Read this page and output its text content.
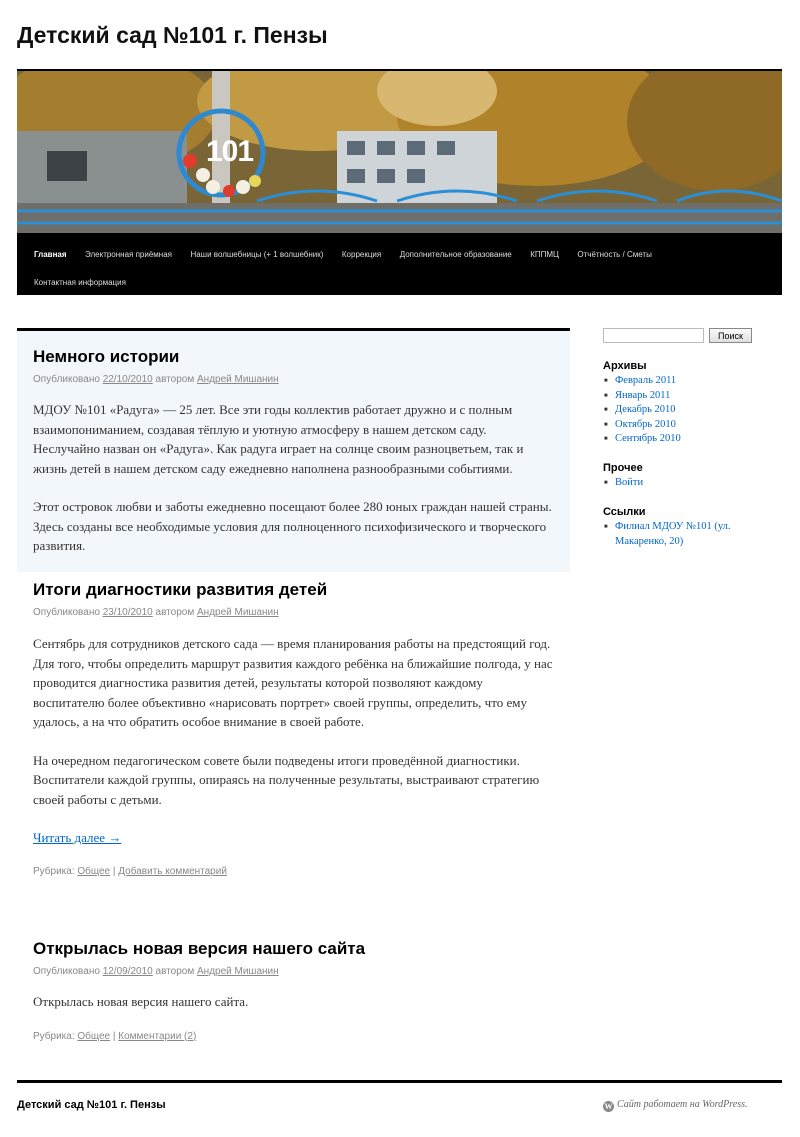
Детский сад №101 г. Пензы
101
Главная Электронная приёмная Наши волшебницы (+ 1 волшебник) Коррекция Дополнительное образование КППМЦ Отчётность / Сметы
Контактная информация
Немного истории
Опубликовано 22/10/2010 автором Андрей Мишанин

МДОУ №101 «Радуга» — 25 лет. Все эти годы коллектив работает дружно и с полным взаимопониманием, создавая тёплую и уютную атмосферу в нашем детском саду. Неслучайно назван он «Радуга». Как радуга играет на солнце своим разноцветьем, так и жизнь детей в нашем детском саду ежедневно наполнена разнообразными событиями.

Этот островок любви и заботы ежедневно посещают более 280 юных граждан нашей страны. Здесь созданы все необходимые условия для полноценного психофизического и творческого развития.

Итоги диагностики развития детей
Опубликовано 23/10/2010 автором Андрей Мишанин

Сентябрь для сотрудников детского сада — время планирования работы на предстоящий год. Для того, чтобы определить маршрут развития каждого ребёнка на ближайшие полгода, у нас проводится диагностика развития детей, результаты которой позволяют каждому воспитателю более объективно «нарисовать портрет» своей группы, определить, что ему удалось, а на что обратить особое внимание в своей работе.

На очередном педагогическом совете были подведены итоги проведённой диагностики. Воспитатели каждой группы, опираясь на полученные результаты, выстраивают стратегию своей работы с детьми.

Читать далее →

Рубрика: Общее | Добавить комментарий
Открылась новая версия нашего сайта
Опубликовано 12/09/2010 автором Андрей Мишанин

Открылась новая версия нашего сайта.

Рубрика: Общее | Комментарии (2)
Поиск
Архивы
■ Февраль 2011
■ Январь 2011
■ Декабрь 2010
■ Октябрь 2010
■ Сентябрь 2010
Прочее
■ Войти
Ссылки
■ Филиал МДОУ №101 (ул. Макаренко, 20)
Детский сад №101 г. Пензы	W Сайт работает на WordPress.
